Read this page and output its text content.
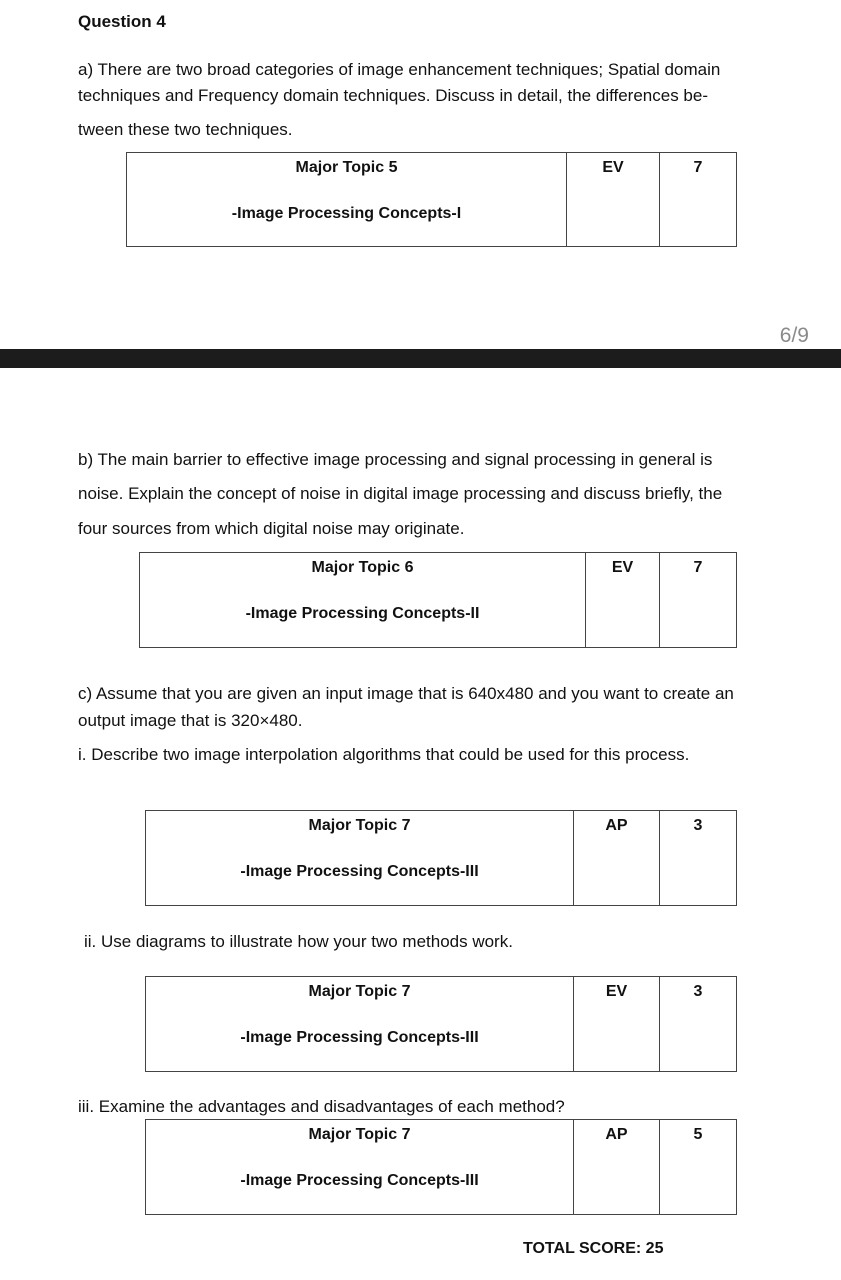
Question 4
a) There are two broad categories of image enhancement techniques; Spatial domain
techniques and Frequency domain techniques. Discuss in detail, the differences be-
tween these two techniques.
Major Topic 5
-Image Processing Concepts-I
	EV	7
6/9
b) The main barrier to effective image processing and signal processing in general is
noise. Explain the concept of noise in digital image processing and discuss briefly, the
four sources from which digital noise may originate.
Major Topic 6
-Image Processing Concepts-II
	EV	7
c) Assume that you are given an input image that is 640x480 and you want to create an
output image that is 320×480.
i. Describe two image interpolation algorithms that could be used for this process.
Major Topic 7
-Image Processing Concepts-III
	AP	3
ii. Use diagrams to illustrate how your two methods work.
Major Topic 7
-Image Processing Concepts-III
	EV	3
iii. Examine the advantages and disadvantages of each method?
Major Topic 7
-Image Processing Concepts-III
	AP	5
TOTAL SCORE: 25
